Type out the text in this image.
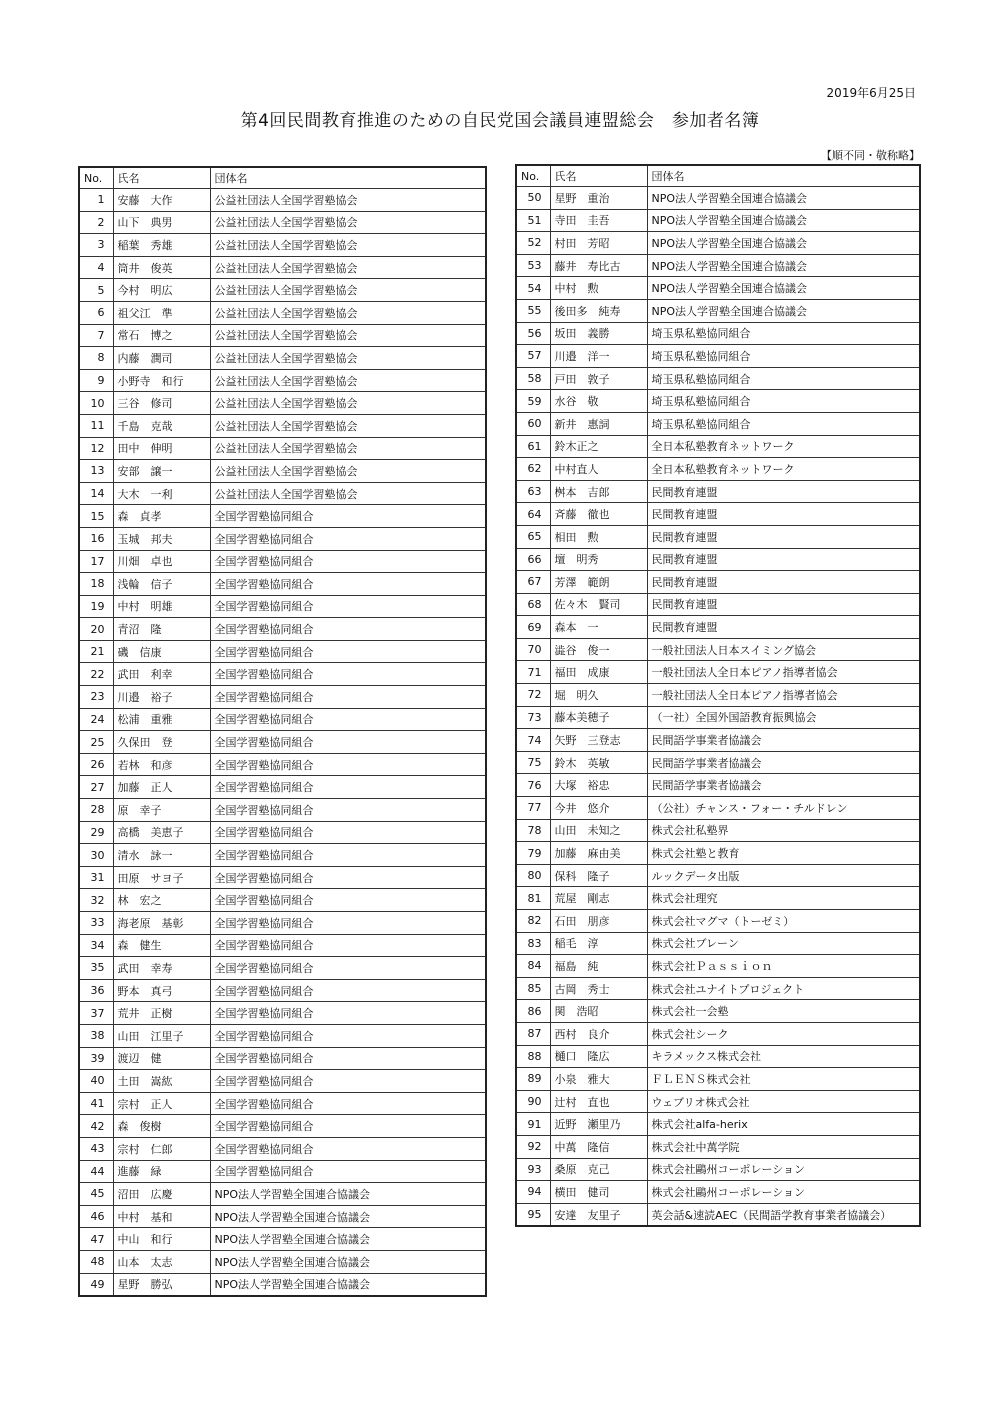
2019年6月25日
第4回民間教育推進のための自民党国会議員連盟総会　参加者名簿
【順不同・敬称略】
No.	氏名	団体名
1	安藤　大作	公益社団法人全国学習塾協会
2	山下　典男	公益社団法人全国学習塾協会
3	稲葉　秀雄	公益社団法人全国学習塾協会
4	筒井　俊英	公益社団法人全国学習塾協会
5	今村　明広	公益社団法人全国学習塾協会
6	祖父江　準	公益社団法人全国学習塾協会
7	常石　博之	公益社団法人全国学習塾協会
8	内藤　潤司	公益社団法人全国学習塾協会
9	小野寺　和行	公益社団法人全国学習塾協会
10	三谷　修司	公益社団法人全国学習塾協会
11	千島　克哉	公益社団法人全国学習塾協会
12	田中　伸明	公益社団法人全国学習塾協会
13	安部　譲一	公益社団法人全国学習塾協会
14	大木　一利	公益社団法人全国学習塾協会
15	森　貞孝	全国学習塾協同組合
16	玉城　邦夫	全国学習塾協同組合
17	川畑　卓也	全国学習塾協同組合
18	浅輪　信子	全国学習塾協同組合
19	中村　明雄	全国学習塾協同組合
20	青沼　隆	全国学習塾協同組合
21	磯　信康	全国学習塾協同組合
22	武田　利幸	全国学習塾協同組合
23	川邉　裕子	全国学習塾協同組合
24	松浦　重雅	全国学習塾協同組合
25	久保田　登	全国学習塾協同組合
26	若林　和彦	全国学習塾協同組合
27	加藤　正人	全国学習塾協同組合
28	原　幸子	全国学習塾協同組合
29	高橋　美恵子	全国学習塾協同組合
30	清水　詠一	全国学習塾協同組合
31	田原　サヨ子	全国学習塾協同組合
32	林　宏之	全国学習塾協同組合
33	海老原　基彰	全国学習塾協同組合
34	森　健生	全国学習塾協同組合
35	武田　幸寿	全国学習塾協同組合
36	野本　真弓	全国学習塾協同組合
37	荒井　正樹	全国学習塾協同組合
38	山田　江里子	全国学習塾協同組合
39	渡辺　健	全国学習塾協同組合
40	土田　嵩紘	全国学習塾協同組合
41	宗村　正人	全国学習塾協同組合
42	森　俊樹	全国学習塾協同組合
43	宗村　仁郎	全国学習塾協同組合
44	進藤　緑	全国学習塾協同組合
45	沼田　広慶	NPO法人学習塾全国連合協議会
46	中村　基和	NPO法人学習塾全国連合協議会
47	中山　和行	NPO法人学習塾全国連合協議会
48	山本　太志	NPO法人学習塾全国連合協議会
49	星野　勝弘	NPO法人学習塾全国連合協議会
No.	氏名	団体名
50	星野　重治	NPO法人学習塾全国連合協議会
51	寺田　圭吾	NPO法人学習塾全国連合協議会
52	村田　芳昭	NPO法人学習塾全国連合協議会
53	藤井　寿比古	NPO法人学習塾全国連合協議会
54	中村　勲	NPO法人学習塾全国連合協議会
55	後田多　純寿	NPO法人学習塾全国連合協議会
56	坂田　義勝	埼玉県私塾協同組合
57	川邉　洋一	埼玉県私塾協同組合
58	戸田　敦子	埼玉県私塾協同組合
59	水谷　敬	埼玉県私塾協同組合
60	新井　惠詞	埼玉県私塾協同組合
61	鈴木正之	全日本私塾教育ネットワーク
62	中村直人	全日本私塾教育ネットワーク
63	桝本　吉郎	民間教育連盟
64	斉藤　徹也	民間教育連盟
65	相田　勲	民間教育連盟
66	壇　明秀	民間教育連盟
67	芳澤　範朗	民間教育連盟
68	佐々木　賢司	民間教育連盟
69	森本　一	民間教育連盟
70	澁谷　俊一	一般社団法人日本スイミング協会
71	福田　成康	一般社団法人全日本ピアノ指導者協会
72	堀　明久	一般社団法人全日本ピアノ指導者協会
73	藤本美穂子	（一社）全国外国語教育振興協会
74	矢野　三登志	民間語学事業者協議会
75	鈴木　英敏	民間語学事業者協議会
76	大塚　裕忠	民間語学事業者協議会
77	今井　悠介	（公社）チャンス・フォー・チルドレン
78	山田　未知之	株式会社私塾界
79	加藤　麻由美	株式会社塾と教育
80	保科　隆子	ルックデータ出版
81	荒屋　剛志	株式会社理究
82	石田　朋彦	株式会社マグマ（トーゼミ）
83	稲毛　淳	株式会社ブレーン
84	福島　純	株式会社Ｐａｓｓｉｏｎ
85	古岡　秀士	株式会社ユナイトプロジェクト
86	関　浩昭	株式会社一会塾
87	西村　良介	株式会社シーク
88	樋口　隆広	キラメックス株式会社
89	小泉　雅大	ＦＬＥＮＳ株式会社
90	辻村　直也	ウェブリオ株式会社
91	近野　瀬里乃	株式会社alfa-herix
92	中萬　隆信	株式会社中萬学院
93	桑原　克己	株式会社鷗州コーポレーション
94	横田　健司	株式会社鷗州コーポレーション
95	安達　友里子	英会話&速読AEC（民間語学教育事業者協議会）
